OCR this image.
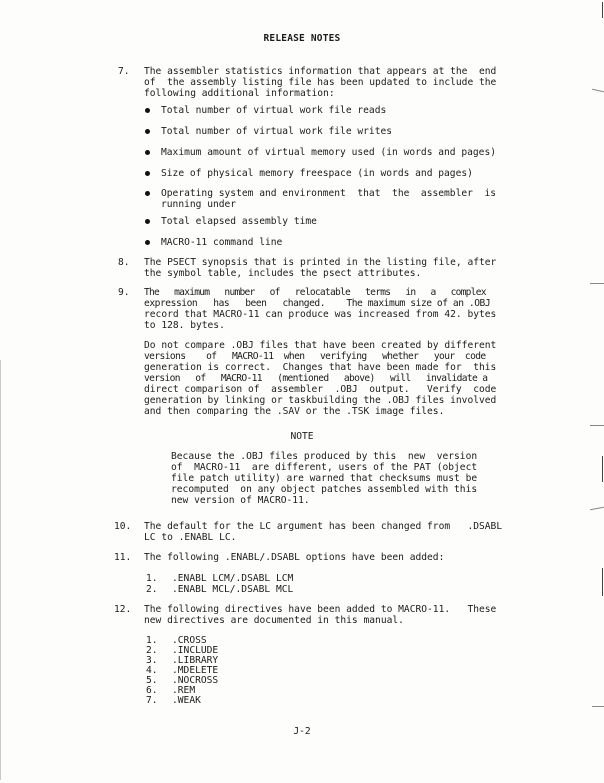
RELEASE NOTES
7. The assembler statistics information that appears at the  end
of  the assembly listing file has been updated to include the
following additional information:
Total number of virtual work file reads
Total number of virtual work file writes
Maximum amount of virtual memory used (in words and pages)
Size of physical memory freespace (in words and pages)
Operating system and environment  that  the  assembler  is
running under
Total elapsed assembly time
MACRO-11 command line
8. The PSECT synopsis that is printed in the listing file, after
the symbol table, includes the psect attributes.
9. The   maximum   number   of   relocatable   terms   in   a   complex
expression   has   been   changed.    The maximum size of an .OBJ
record that MACRO-11 can produce was increased from 42. bytes
to 128. bytes.
Do not compare .OBJ files that have been created by different
versions    of   MACRO-11  when   verifying   whether   your  code
generation is correct.  Changes that have been made for  this
version   of   MACRO-11   (mentioned   above)   will   invalidate a
direct comparison of  assembler  .OBJ  output.   Verify  code
generation by linking or taskbuilding the .OBJ files involved
and then comparing the .SAV or the .TSK image files.
NOTE
Because the .OBJ files produced by this  new  version
of  MACRO-11  are different, users of the PAT (object
file patch utility) are warned that checksums must be
recomputed  on any object patches assembled with this
new version of MACRO-11.
10. The default for the LC argument has been changed from   .DSABL
LC to .ENABL LC.
11. The following .ENABL/.DSABL options have been added:
1. .ENABL LCM/.DSABL LCM
2. .ENABL MCL/.DSABL MCL
12. The following directives have been added to MACRO-11.   These
new directives are documented in this manual.
1. .CROSS
2. .INCLUDE
3. .LIBRARY
4. .MDELETE
5. .NOCROSS
6. .REM
7. .WEAK
J-2
